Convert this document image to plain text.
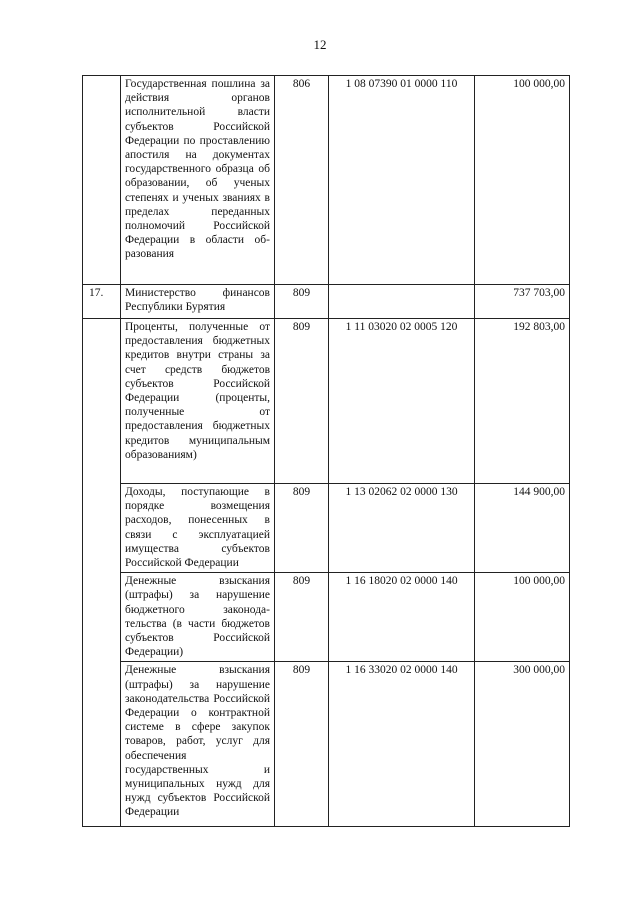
12
	Государственная пошлина за действия органов исполнительной власти субъектов Российской Федерации по проставлению апостиля на документах государственного образца об образовании, об ученых степенях и ученых званиях в пределах переданных полномочий Российской Федерации в области образования	806	1 08 07390 01 0000 110	100 000,00
17.	Министерство финансов Республики Бурятия	809		737 703,00
	Проценты, полученные от предоставления бюджетных кредитов внутри страны за счет средств бюджетов субъектов Российской Федерации (проценты, полученные от предоставления бюджетных кредитов муниципальным образованиям)	809	1 11 03020 02 0005 120	192 803,00
	Доходы, поступающие в порядке возмещения расходов, понесенных в связи с эксплуатацией имущества субъектов Российской Федерации	809	1 13 02062 02 0000 130	144 900,00
	Денежные взыскания (штрафы) за нарушение бюджетного законодательства (в части бюджетов субъектов Российской Федерации)	809	1 16 18020 02 0000 140	100 000,00
	Денежные взыскания (штрафы) за нарушение законодательства Российской Федерации о контрактной системе в сфере закупок товаров, работ, услуг для обеспечения государственных и муниципальных нужд для нужд субъектов Российской Федерации	809	1 16 33020 02 0000 140	300 000,00
